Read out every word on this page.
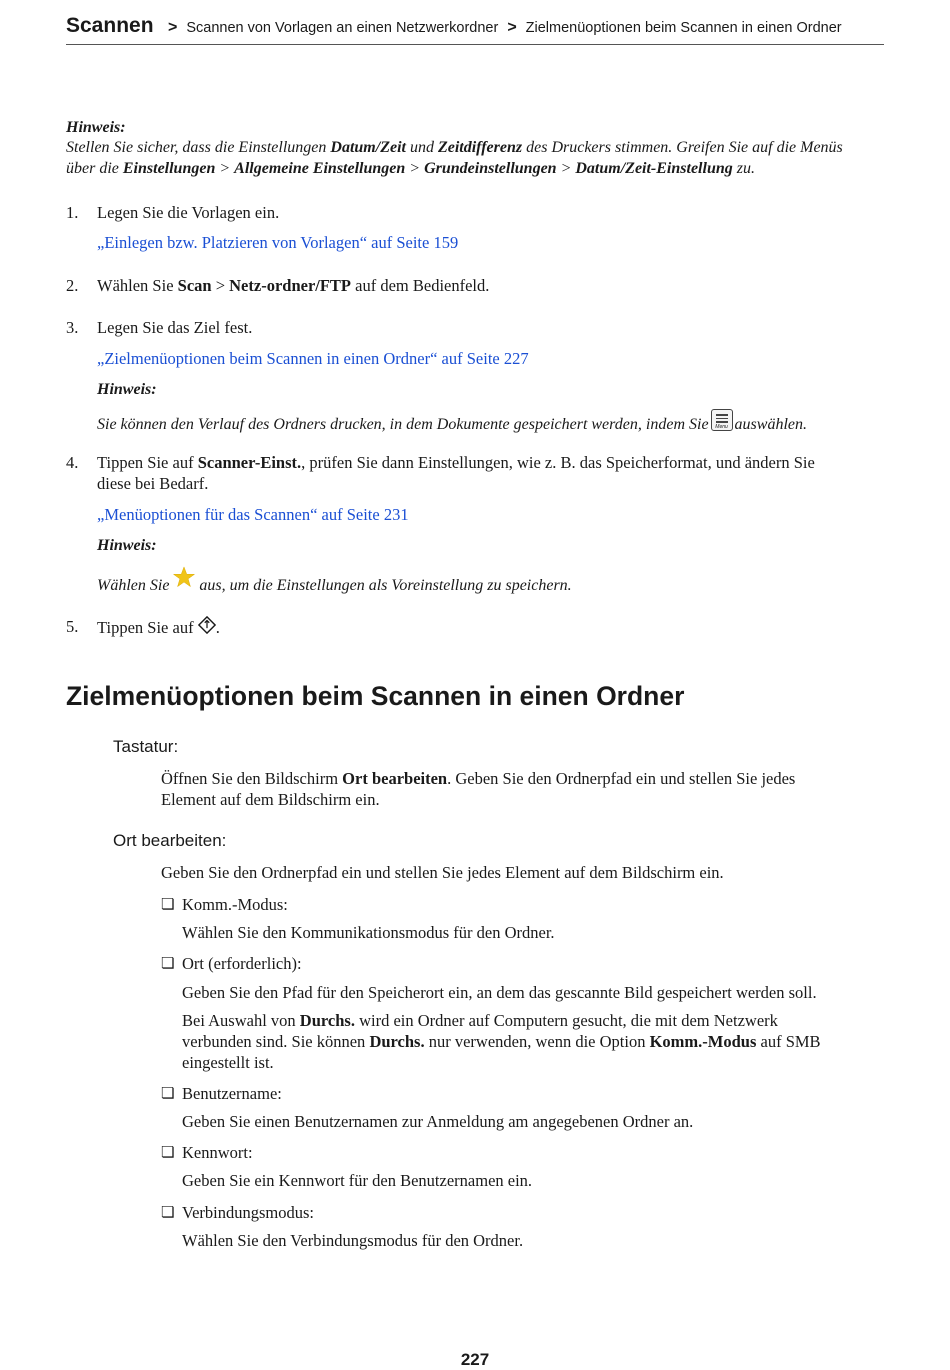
Scannen > Scannen von Vorlagen an einen Netzwerkordner > Zielmenüoptionen beim Scannen in einen Ordner
Hinweis:
Stellen Sie sicher, dass die Einstellungen Datum/Zeit und Zeitdifferenz des Druckers stimmen. Greifen Sie auf die Menüs
über die Einstellungen > Allgemeine Einstellungen > Grundeinstellungen > Datum/Zeit-Einstellung zu.
1. Legen Sie die Vorlagen ein.
„Einlegen bzw. Platzieren von Vorlagen“ auf Seite 159
2. Wählen Sie Scan > Netz-ordner/FTP auf dem Bedienfeld.
3. Legen Sie das Ziel fest.
„Zielmenüoptionen beim Scannen in einen Ordner“ auf Seite 227
Hinweis:
Sie können den Verlauf des Ordners drucken, in dem Dokumente gespeichert werden, indem Sie	Menu auswählen.
4. Tippen Sie auf Scanner-Einst., prüfen Sie dann Einstellungen, wie z. B. das Speicherformat, und ändern Sie
diese bei Bedarf.
„Menüoptionen für das Scannen“ auf Seite 231
Hinweis:
Wählen Sie aus, um die Einstellungen als Voreinstellung zu speichern.
5. Tippen Sie auf .
Zielmenüoptionen beim Scannen in einen Ordner
Tastatur:
Öffnen Sie den Bildschirm Ort bearbeiten. Geben Sie den Ordnerpfad ein und stellen Sie jedes
Element auf dem Bildschirm ein.
Ort bearbeiten:
Geben Sie den Ordnerpfad ein und stellen Sie jedes Element auf dem Bildschirm ein.
❏ Komm.-Modus:
Wählen Sie den Kommunikationsmodus für den Ordner.
❏ Ort (erforderlich):
Geben Sie den Pfad für den Speicherort ein, an dem das gescannte Bild gespeichert werden soll.
Bei Auswahl von Durchs. wird ein Ordner auf Computern gesucht, die mit dem Netzwerk
verbunden sind. Sie können Durchs. nur verwenden, wenn die Option Komm.-Modus auf SMB
eingestellt ist.
❏ Benutzername:
Geben Sie einen Benutzernamen zur Anmeldung am angegebenen Ordner an.
❏ Kennwort:
Geben Sie ein Kennwort für den Benutzernamen ein.
❏ Verbindungsmodus:
Wählen Sie den Verbindungsmodus für den Ordner.
227
